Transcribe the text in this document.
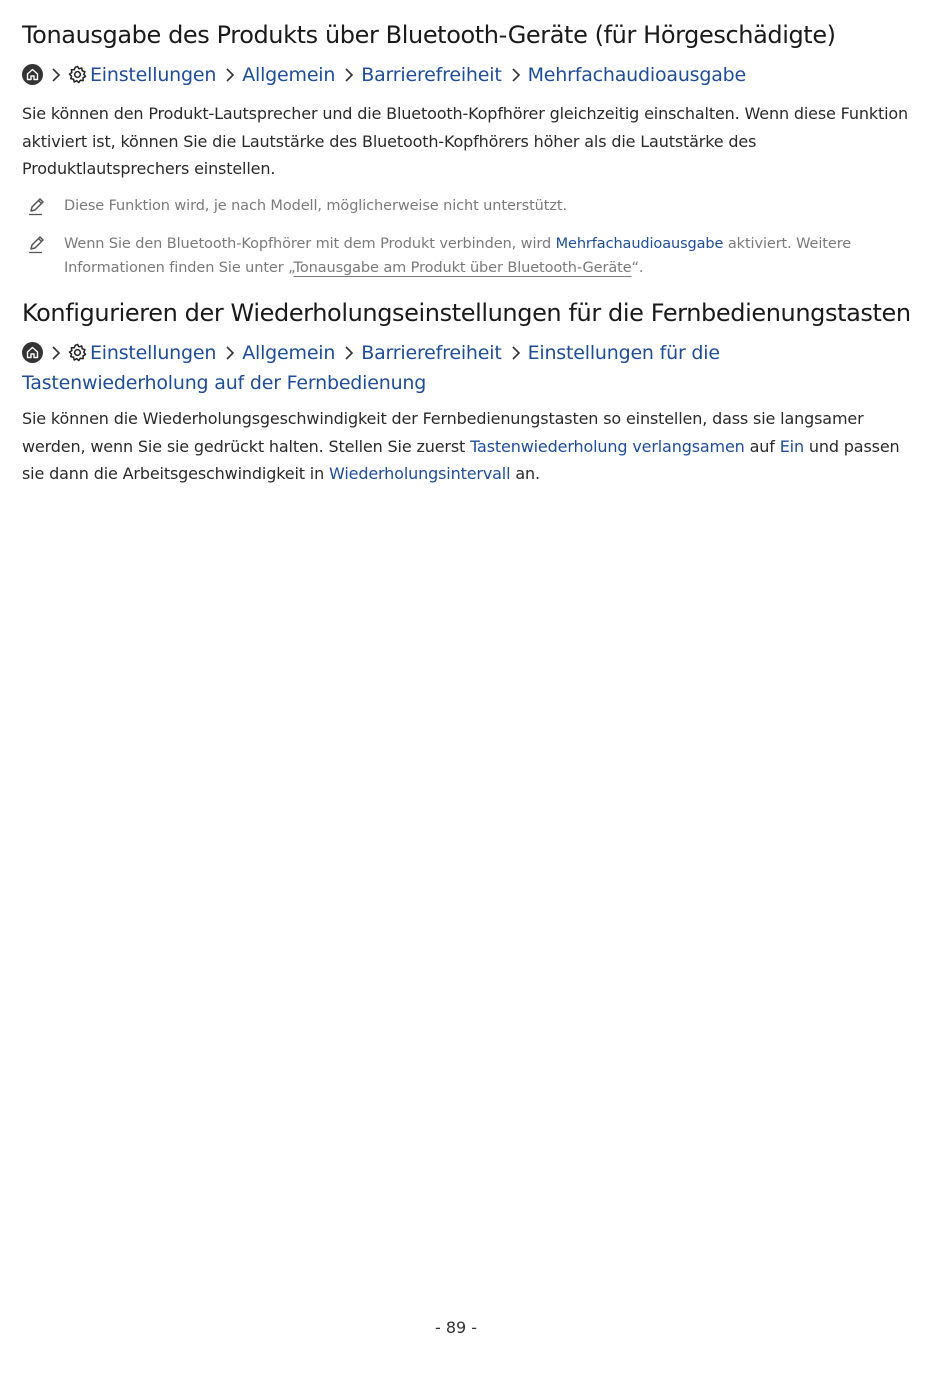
Tonausgabe des Produkts über Bluetooth-Geräte (für Hörgeschädigte)
Einstellungen Allgemein Barrierefreiheit Mehrfachaudioausgabe

Sie können den Produkt-Lautsprecher und die Bluetooth-Kopfhörer gleichzeitig einschalten. Wenn diese Funktion aktiviert ist, können Sie die Lautstärke des Bluetooth-Kopfhörers höher als die Lautstärke des Produktlautsprechers einstellen.

Diese Funktion wird, je nach Modell, möglicherweise nicht unterstützt.

Wenn Sie den Bluetooth-Kopfhörer mit dem Produkt verbinden, wird Mehrfachaudioausgabe aktiviert. Weitere Informationen finden Sie unter „Tonausgabe am Produkt über Bluetooth-Geräte“.

Konfigurieren der Wiederholungseinstellungen für die Fernbedienungstasten
Einstellungen Allgemein Barrierefreiheit Einstellungen für die Tastenwiederholung auf der Fernbedienung

Sie können die Wiederholungsgeschwindigkeit der Fernbedienungstasten so einstellen, dass sie langsamer werden, wenn Sie sie gedrückt halten. Stellen Sie zuerst Tastenwiederholung verlangsamen auf Ein und passen sie dann die Arbeitsgeschwindigkeit in Wiederholungsintervall an.

- 89 -
